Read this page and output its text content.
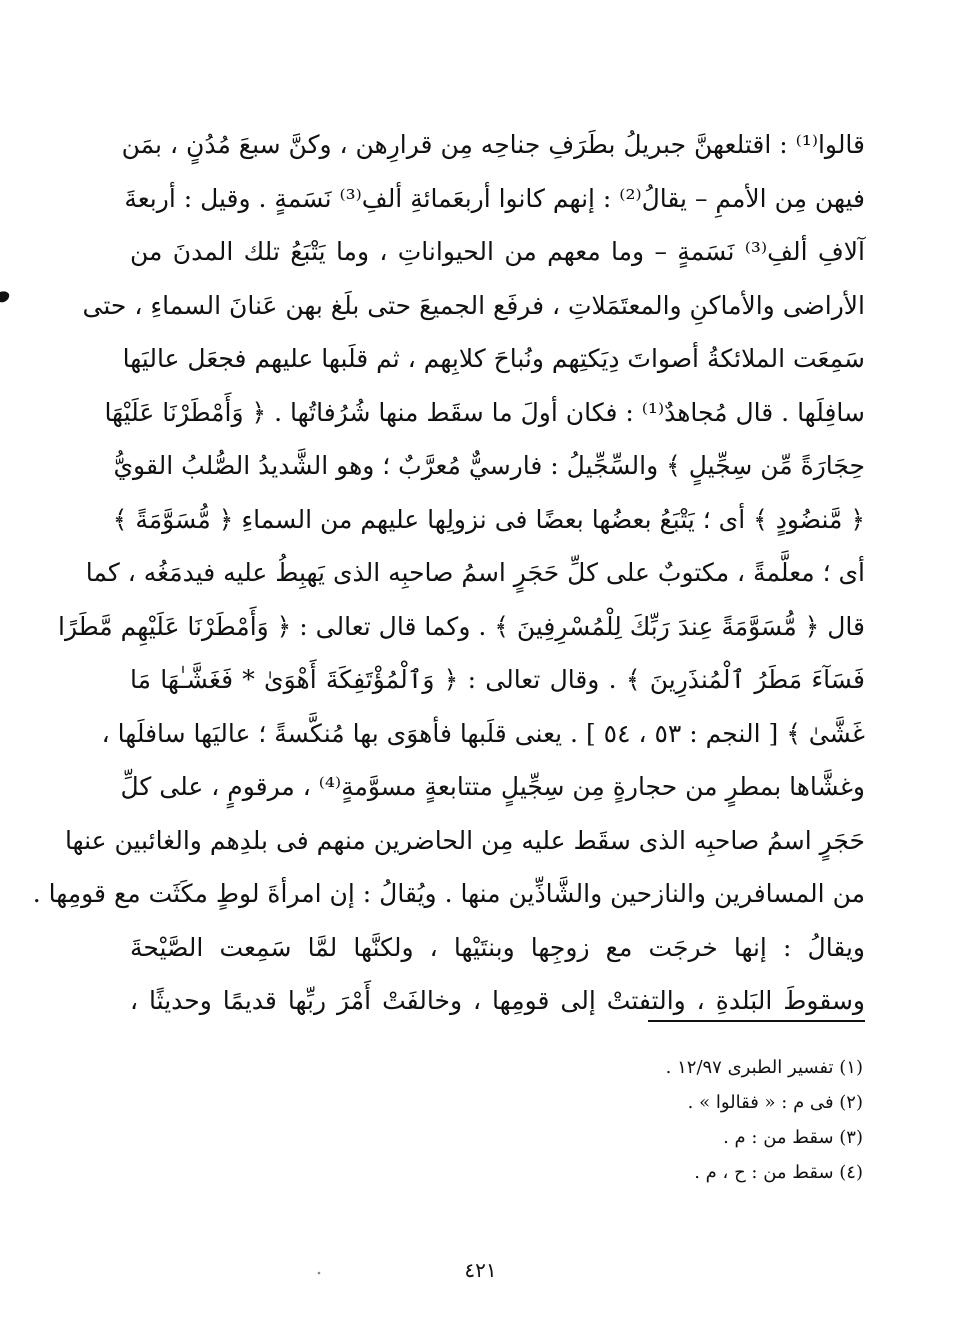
قالوا⁽¹⁾ : اقتلعهنَّ جبريلُ بطَرَفِ جناحِه مِن قرارِهن ، وكنَّ سبعَ مُدُنٍ ، بمَن
فيهن مِن الأممِ – يقالُ⁽²⁾ : إنهم كانوا أربعَمائةِ ألفِ⁽³⁾ نَسَمةٍ . وقيل : أربعةَ
آلافِ ألفِ⁽³⁾ نَسَمةٍ – وما معهم من الحيواناتِ ، وما يَتْبَعُ تلك المدنَ من
الأراضى والأماكنِ والمعتَمَلاتِ ، فرفَع الجميعَ حتى بلَغ بهن عَنانَ السماءِ ، حتى
سَمِعَت الملائكةُ أصواتَ دِيَكتِهم ونُباحَ كلابِهم ، ثم قلَبها عليهم فجعَل عاليَها
سافِلَها . قال مُجاهدٌ⁽¹⁾ : فكان أولَ ما سقَط منها شُرُفاتُها . ﴿ وَأَمْطَرْنَا عَلَيْهَا
حِجَارَةً مِّن سِجِّيلٍ ﴾ والسِّجِّيلُ : فارسيٌّ مُعرَّبٌ ؛ وهو الشَّديدُ الصُّلبُ القويُّ
﴿ مَّنضُودٍ ﴾ أى ؛ يَتْبَعُ بعضُها بعضًا فى نزولِها عليهم من السماءِ ﴿ مُّسَوَّمَةً ﴾
أى ؛ معلَّمةً ، مكتوبٌ على كلِّ حَجَرٍ اسمُ صاحبِه الذى يَهبِطُ عليه فيدمَغُه ، كما
قال ﴿ مُّسَوَّمَةً عِندَ رَبِّكَ لِلْمُسْرِفِينَ ﴾ . وكما قال تعالى : ﴿ وَأَمْطَرْنَا عَلَيْهِم مَّطَرًا
فَسَآءَ مَطَرُ ٱلْمُنذَرِينَ ﴾ . وقال تعالى : ﴿ وَٱلْمُؤْتَفِكَةَ أَهْوَىٰ * فَغَشَّـٰهَا مَا
غَشَّىٰ ﴾ [ النجم : ٥٣ ، ٥٤ ] . يعنى قلَبها فأهوَى بها مُنكَّسةً ؛ عاليَها سافلَها ،
وغشَّاها بمطرٍ من حجارةٍ مِن سِجِّيلٍ متتابعةٍ مسوَّمةٍ⁽⁴⁾ ، مرقومٍ ، على كلِّ
حَجَرٍ اسمُ صاحبِه الذى سقَط عليه مِن الحاضرين منهم فى بلدِهم والغائبين عنها
من المسافرين والنازحين والشَّاذِّين منها . ويُقالُ : إن امرأةَ لوطٍ مكَثَت مع قومِها .
ويقالُ : إنها خرجَت مع زوجِها وبنتَيْها ، ولكنَّها لمَّا سَمِعت الصَّيْحةَ
وسقوطَ البَلدةِ ، والتفتتْ إلى قومِها ، وخالفَتْ أَمْرَ ربِّها قديمًا وحديثًا ،
(١) تفسير الطبرى ١٢/٩٧ .
(٢) فى م : « فقالوا » .
(٣) سقط من : م .
(٤) سقط من : ح ، م .
٤٢١
